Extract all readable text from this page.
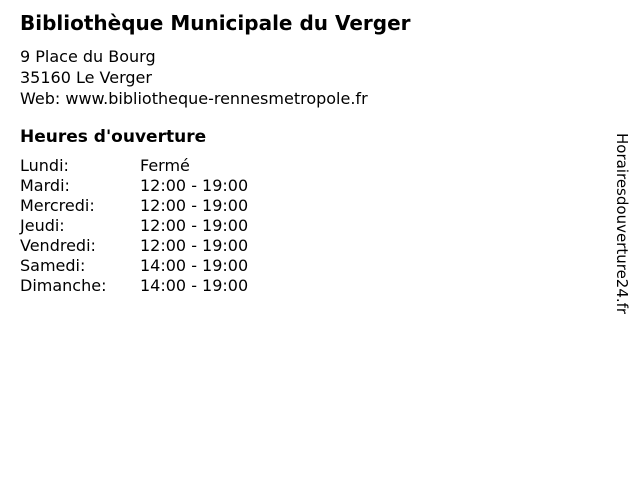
Bibliothèque Municipale du Verger
9 Place du Bourg
35160 Le Verger
Web: www.bibliotheque-rennesmetropole.fr
Heures d'ouverture
Lundi:	Fermé
Mardi:	12:00 - 19:00
Mercredi:	12:00 - 19:00
Jeudi:	12:00 - 19:00
Vendredi:	12:00 - 19:00
Samedi:	14:00 - 19:00
Dimanche:	14:00 - 19:00	Horairesdouverture24.fr
